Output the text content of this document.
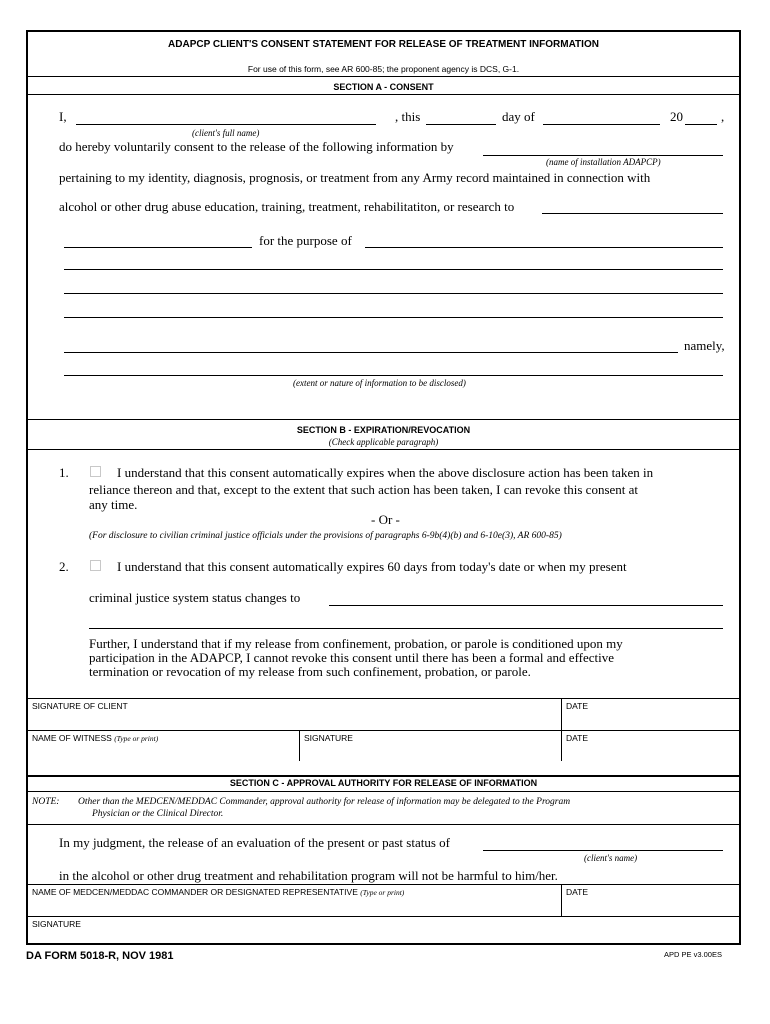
ADAPCP CLIENT'S CONSENT STATEMENT FOR RELEASE OF TREATMENT INFORMATION
For use of this form, see AR 600-85; the proponent agency is DCS, G-1.
SECTION A - CONSENT
I,
(client's full name)
, this	day of	20	,
do hereby voluntarily consent to the release of the following information by
(name of installation ADAPCP)
pertaining to my identity, diagnosis, prognosis, or treatment from any Army record maintained in connection with
alcohol or other drug abuse education, training, treatment, rehabilitatiton, or research to
for the purpose of
namely,
(extent or nature of information to be disclosed)
SECTION B - EXPIRATION/REVOCATION
(Check applicable paragraph)
1.	I understand that this consent automatically expires when the above disclosure action has been taken in
reliance thereon and that, except to the extent that such action has been taken, I can revoke this consent at
any time.
- Or -
(For disclosure to civilian criminal justice officials under the provisions of paragraphs 6-9b(4)(b) and 6-10e(3), AR 600-85)
2.	I understand that this consent automatically expires 60 days from today's date or when my present
criminal justice system status changes to
Further, I understand that if my release from confinement, probation, or parole is conditioned upon my
participation in the ADAPCP, I cannot revoke this consent until there has been a formal and effective
termination or revocation of my release from such confinement, probation, or parole.
SIGNATURE OF CLIENT	DATE
NAME OF WITNESS (Type or print)	SIGNATURE	DATE
SECTION C - APPROVAL AUTHORITY FOR RELEASE OF INFORMATION
NOTE: Other than the MEDCEN/MEDDAC Commander, approval authority for release of information may be delegated to the Program
Physician or the Clinical Director.
In my judgment, the release of an evaluation of the present or past status of
(client's name)
in the alcohol or other drug treatment and rehabilitation program will not be harmful to him/her.
NAME OF MEDCEN/MEDDAC COMMANDER OR DESIGNATED REPRESENTATIVE (Type or print)	DATE
SIGNATURE
DA FORM 5018-R, NOV 1981	APD PE v3.00ES
